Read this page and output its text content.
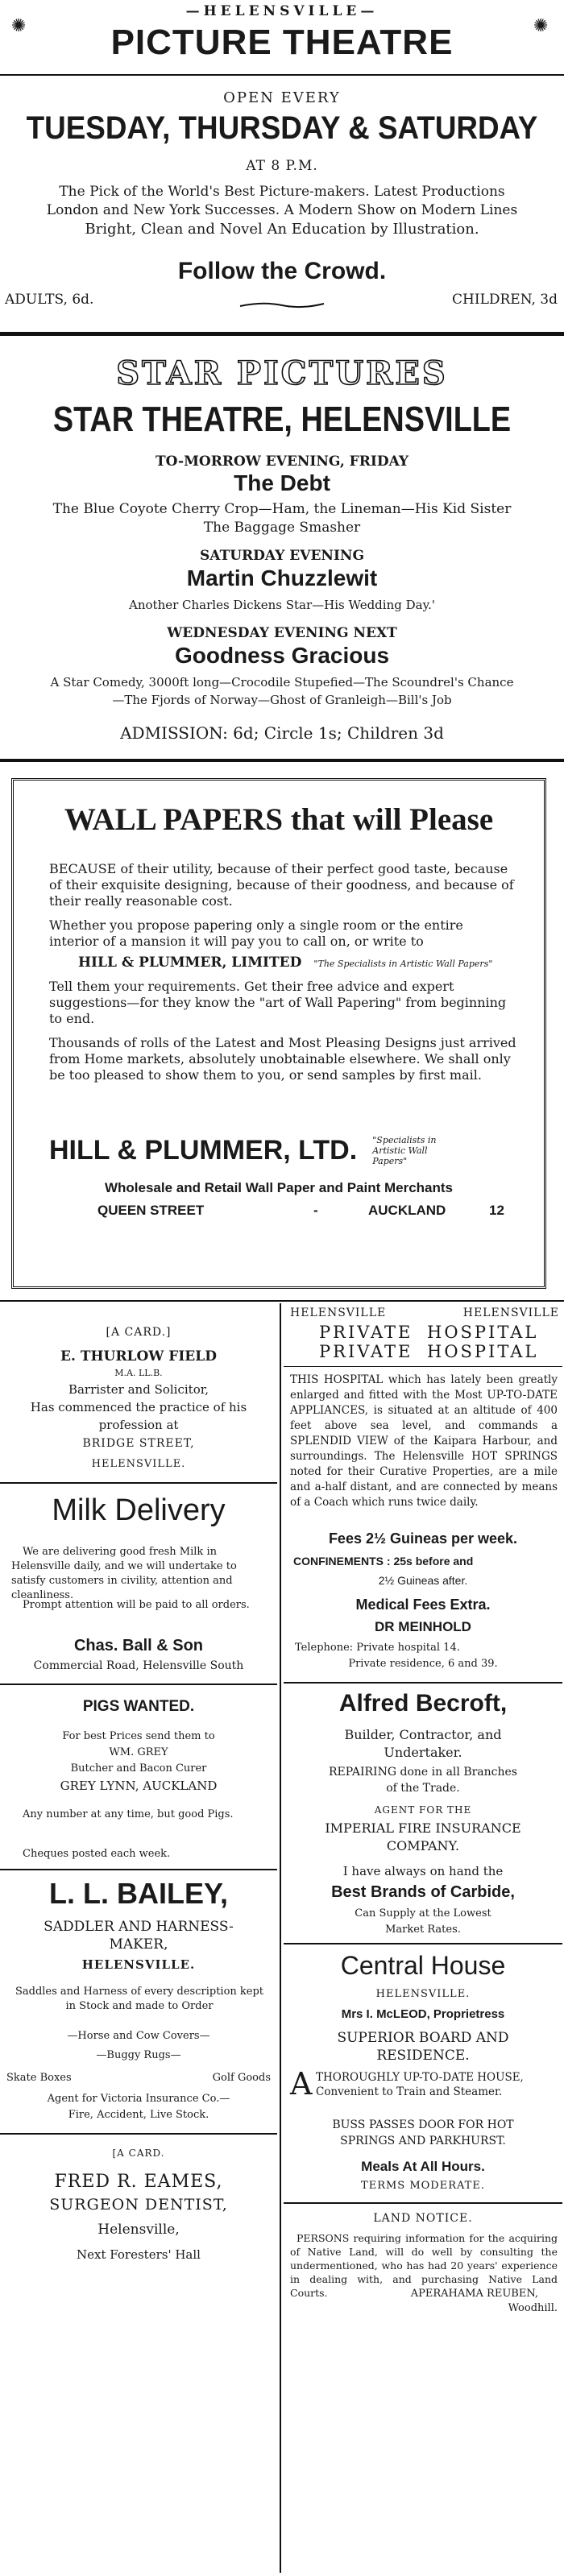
—HELENSVILLE—
✺	✺
PICTURE THEATRE
OPEN EVERY
TUESDAY, THURSDAY & SATURDAY
AT 8 P.M.
The Pick of the World's Best Picture-makers. Latest Productions
London and New York Successes. A Modern Show on Modern Lines
Bright, Clean and Novel An Education by Illustration.
Follow the Crowd.
ADULTS, 6d.	CHILDREN, 3d
STAR PICTURES
STAR THEATRE, HELENSVILLE
TO-MORROW EVENING, FRIDAY
The Debt
The Blue Coyote Cherry Crop—Ham, the Lineman—His Kid Sister
The Baggage Smasher
SATURDAY EVENING
Martin Chuzzlewit
Another Charles Dickens Star—His Wedding Day.'
WEDNESDAY EVENING NEXT
Goodness Gracious
A Star Comedy, 3000ft long—Crocodile Stupefied—The Scoundrel's Chance
—The Fjords of Norway—Ghost of Granleigh—Bill's Job
ADMISSION: 6d; Circle 1s; Children 3d
WALL PAPERS that will Please
BECAUSE of their utility, because of their perfect good taste, because of their exquisite designing, because of their goodness, and because of their really reasonable cost.
Whether you propose papering only a single room or the entire interior of a mansion it will pay you to call on, or write to
HILL & PLUMMER, LIMITED "The Specialists in Artistic Wall Papers"
Tell them your requirements. Get their free advice and expert suggestions—for they know the "art of Wall Papering" from beginning to end.
Thousands of rolls of the Latest and Most Pleasing Designs just arrived from Home markets, absolutely unobtainable elsewhere. We shall only be too pleased to show them to you, or send samples by first mail.
HILL & PLUMMER, LTD. "Specialists in Artistic Wall Papers"
Wholesale and Retail Wall Paper and Paint Merchants
QUEEN STREET	-	AUCKLAND	12
[A CARD.]
E. THURLOW FIELD
M.A. LL.B.
Barrister and Solicitor,
Has commenced the practice of his
profession at
BRIDGE STREET,
HELENSVILLE.
Milk Delivery
We are delivering good fresh Milk in Helensville daily, and we will undertake to satisfy customers in civility, attention and cleanliness.
Prompt attention will be paid to all orders.
Chas. Ball & Son
Commercial Road, Helensville South
PIGS WANTED.
For best Prices send them to
WM. GREY
Butcher and Bacon Curer
GREY LYNN, AUCKLAND
Any number at any time, but good Pigs.
Cheques posted each week.
L. L. BAILEY,
SADDLER AND HARNESS-
MAKER,
HELENSVILLE.
Saddles and Harness of every description kept in Stock and made to Order
—Horse and Cow Covers—
—Buggy Rugs—
Skate Boxes	Golf Goods
Agent for Victoria Insurance Co.—
Fire, Accident, Live Stock.
[A CARD.
FRED R. EAMES,
SURGEON DENTIST,
Helensville,
Next Foresters' Hall
HELENSVILLE	HELENSVILLE
PRIVATE
PRIVATE
HOSPITAL
HOSPITAL
THIS HOSPITAL which has lately been greatly enlarged and fitted with the Most UP-TO-DATE APPLIANCES, is situated at an altitude of 400 feet above sea level, and commands a SPLENDID VIEW of the Kaipara Harbour, and surroundings. The Helensville HOT SPRINGS noted for their Curative Properties, are a mile and a-half distant, and are connected by means of a Coach which runs twice daily.
Fees 2½ Guineas per week.
CONFINEMENTS : 25s before and
2½ Guineas after.
Medical Fees Extra.
DR MEINHOLD
Telephone: Private hospital 14.
Private residence, 6 and 39.
Alfred Becroft,
Builder, Contractor, and
Undertaker.
REPAIRING done in all Branches
of the Trade.
AGENT FOR THE
IMPERIAL FIRE INSURANCE
COMPANY.
I have always on hand the
Best Brands of Carbide,
Can Supply at the Lowest
Market Rates.
Central House
HELENSVILLE.
Mrs I. McLEOD, Proprietress
SUPERIOR BOARD AND
RESIDENCE.
A THOROUGHLY UP-TO-DATE HOUSE, Convenient to Train and Steamer.
BUSS PASSES DOOR FOR HOT
SPRINGS AND PARKHURST.
Meals At All Hours.
TERMS MODERATE.
LAND NOTICE.
PERSONS requiring information for the acquiring of Native Land, will do well by consulting the undermentioned, who has had 20 years' experience in dealing with, and purchasing Native Land Courts.	APERAHAMA REUBEN,
Woodhill.
